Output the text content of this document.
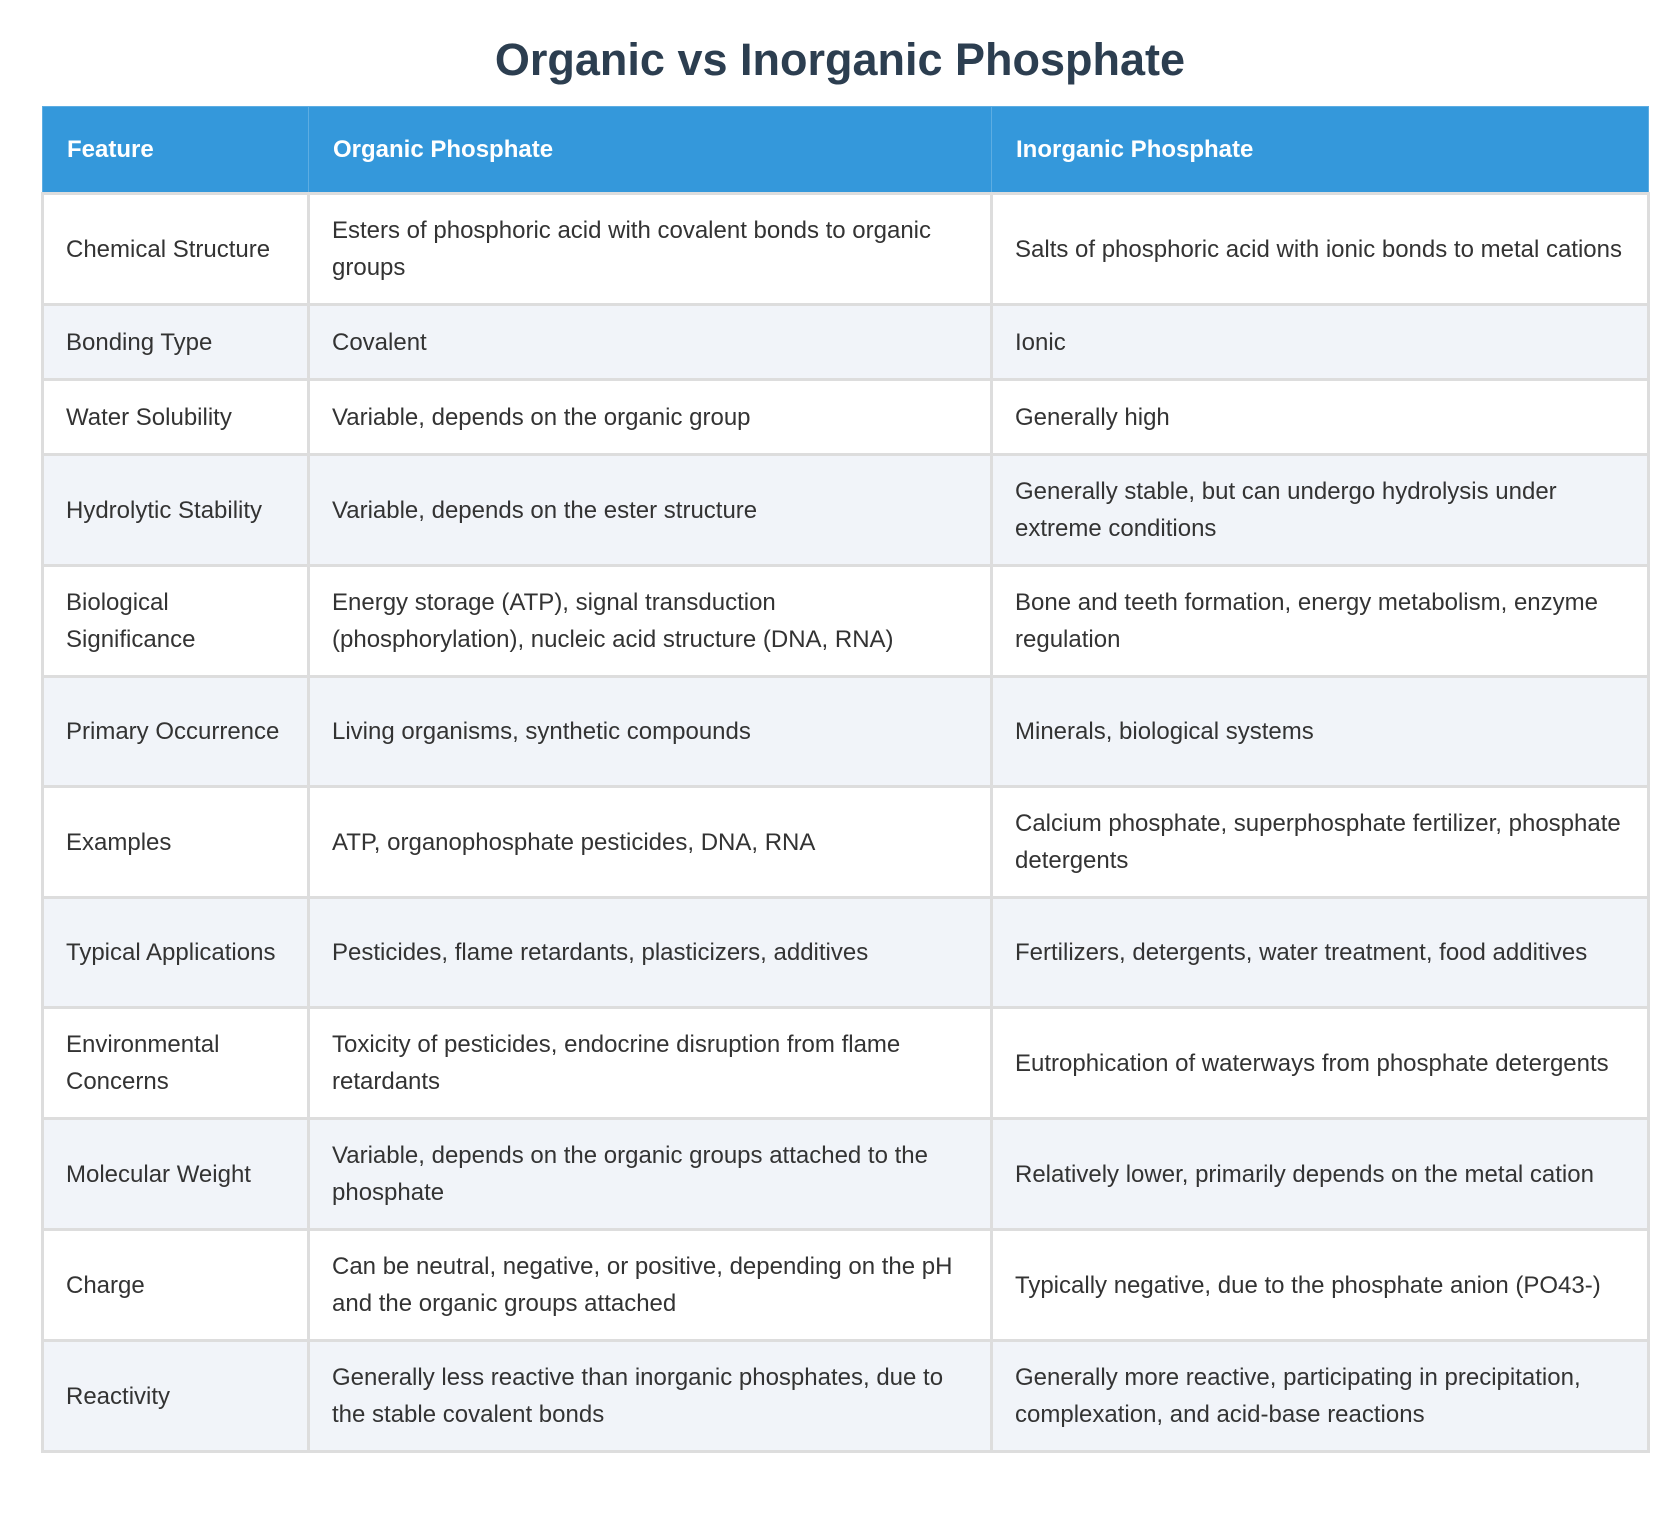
Organic vs Inorganic Phosphate
Feature	Organic Phosphate	Inorganic Phosphate
Chemical Structure	Esters of phosphoric acid with covalent bonds to organic groups	Salts of phosphoric acid with ionic bonds to metal cations
Bonding Type	Covalent	Ionic
Water Solubility	Variable, depends on the organic group	Generally high
Hydrolytic Stability	Variable, depends on the ester structure	Generally stable, but can undergo hydrolysis under extreme conditions
Biological Significance	Energy storage (ATP), signal transduction (phosphorylation), nucleic acid structure (DNA, RNA)	Bone and teeth formation, energy metabolism, enzyme regulation
Primary Occurrence	Living organisms, synthetic compounds	Minerals, biological systems
Examples	ATP, organophosphate pesticides, DNA, RNA	Calcium phosphate, superphosphate fertilizer, phosphate detergents
Typical Applications	Pesticides, flame retardants, plasticizers, additives	Fertilizers, detergents, water treatment, food additives
Environmental Concerns	Toxicity of pesticides, endocrine disruption from flame retardants	Eutrophication of waterways from phosphate detergents
Molecular Weight	Variable, depends on the organic groups attached to the phosphate	Relatively lower, primarily depends on the metal cation
Charge	Can be neutral, negative, or positive, depending on the pH and the organic groups attached	Typically negative, due to the phosphate anion (PO43-)
Reactivity	Generally less reactive than inorganic phosphates, due to the stable covalent bonds	Generally more reactive, participating in precipitation, complexation, and acid-base reactions
